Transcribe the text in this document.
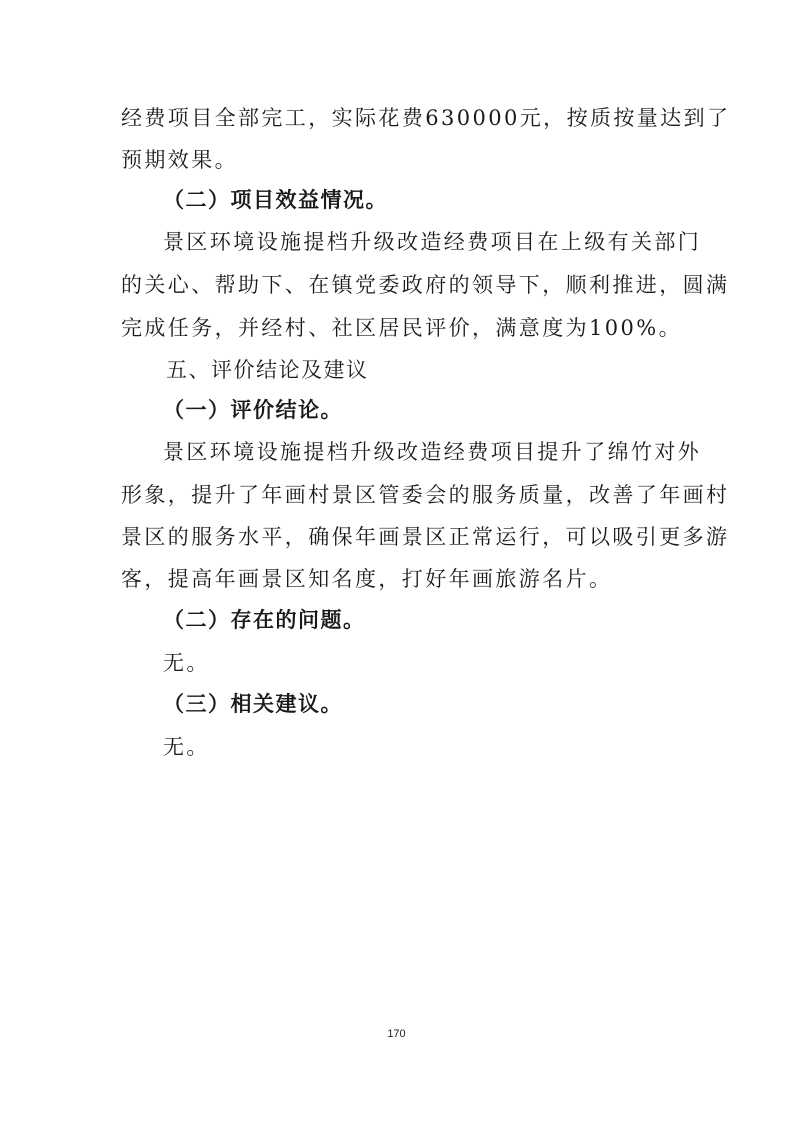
经费项目全部完工，实际花费630000元，按质按量达到了

预期效果。

（二）项目效益情况。

景区环境设施提档升级改造经费项目在上级有关部门

的关心、帮助下、在镇党委政府的领导下，顺利推进，圆满

完成任务，并经村、社区居民评价，满意度为100%。

五、评价结论及建议

（一）评价结论。

景区环境设施提档升级改造经费项目提升了绵竹对外

形象，提升了年画村景区管委会的服务质量，改善了年画村

景区的服务水平，确保年画景区正常运行，可以吸引更多游

客，提高年画景区知名度，打好年画旅游名片。

（二）存在的问题。

无。

（三）相关建议。

无。

170
